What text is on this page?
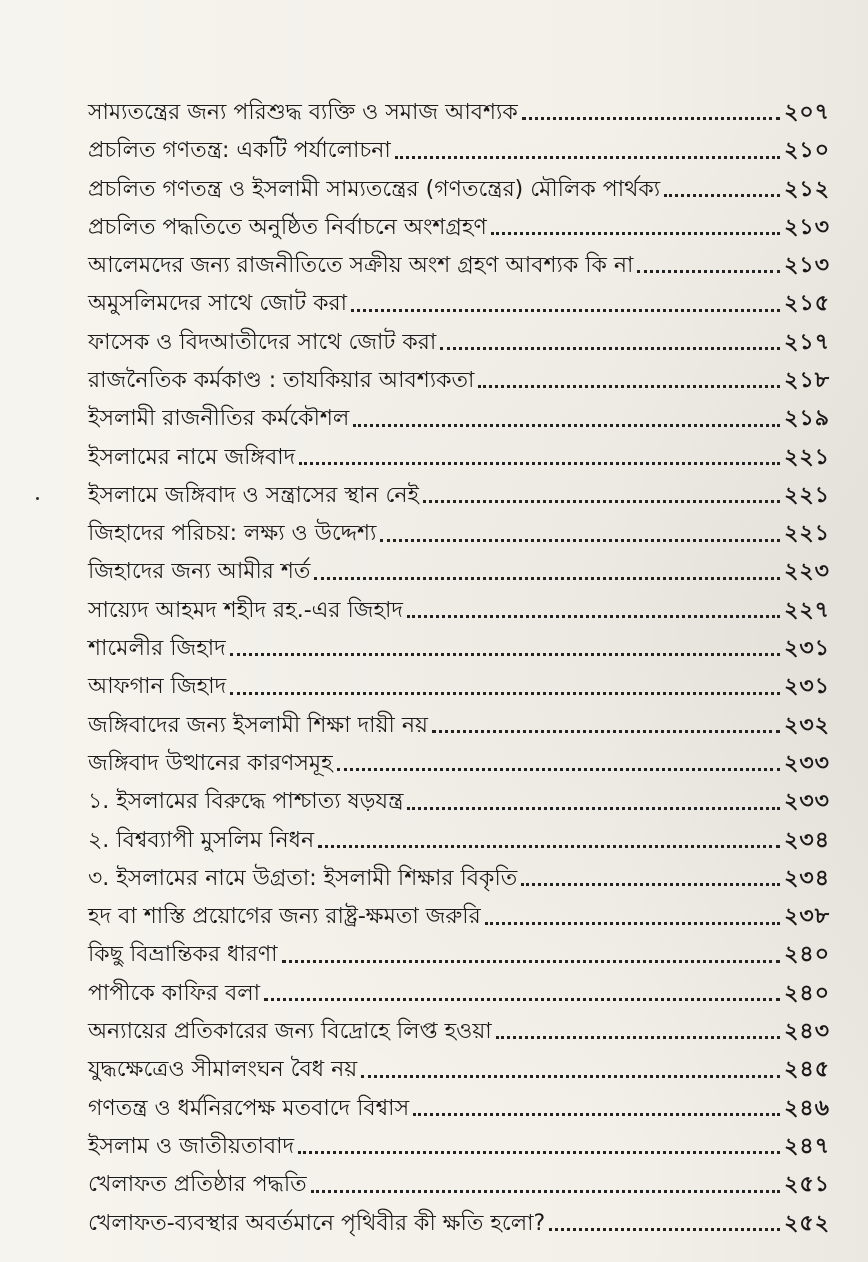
সাম্যতন্ত্রের জন্য পরিশুদ্ধ ব্যক্তি ও সমাজ আবশ্যক	২০৭
প্রচলিত গণতন্ত্র: একটি পর্যালোচনা	২১০
প্রচলিত গণতন্ত্র ও ইসলামী সাম্যতন্ত্রের (গণতন্ত্রের) মৌলিক পার্থক্য	২১২
প্রচলিত পদ্ধতিতে অনুষ্ঠিত নির্বাচনে অংশগ্রহণ	২১৩
আলেমদের জন্য রাজনীতিতে সক্রীয় অংশ গ্রহণ আবশ্যক কি না	২১৩
অমুসলিমদের সাথে জোট করা	২১৫
ফাসেক ও বিদআতীদের সাথে জোট করা	২১৭
রাজনৈতিক কর্মকাণ্ড : তাযকিয়ার আবশ্যকতা	২১৮
ইসলামী রাজনীতির কর্মকৌশল	২১৯
ইসলামের নামে জঙ্গিবাদ	২২১
ইসলামে জঙ্গিবাদ ও সন্ত্রাসের স্থান নেই	২২১
জিহাদের পরিচয়: লক্ষ্য ও উদ্দেশ্য	২২১
জিহাদের জন্য আমীর শর্ত	২২৩
সায়্যেদ আহমদ শহীদ রহ.-এর জিহাদ	২২৭
শামেলীর জিহাদ	২৩১
আফগান জিহাদ	২৩১
জঙ্গিবাদের জন্য ইসলামী শিক্ষা দায়ী নয়	২৩২
জঙ্গিবাদ উত্থানের কারণসমূহ	২৩৩
১. ইসলামের বিরুদ্ধে পাশ্চাত্য ষড়যন্ত্র	২৩৩
২. বিশ্বব্যাপী মুসলিম নিধন	২৩৪
৩. ইসলামের নামে উগ্রতা: ইসলামী শিক্ষার বিকৃতি	২৩৪
হদ বা শাস্তি প্রয়োগের জন্য রাষ্ট্র-ক্ষমতা জরুরি	২৩৮
কিছু বিভ্রান্তিকর ধারণা	২৪০
পাপীকে কাফির বলা	২৪০
অন্যায়ের প্রতিকারের জন্য বিদ্রোহে লিপ্ত হওয়া	২৪৩
যুদ্ধক্ষেত্রেও সীমালংঘন বৈধ নয়	২৪৫
গণতন্ত্র ও ধর্মনিরপেক্ষ মতবাদে বিশ্বাস	২৪৬
ইসলাম ও জাতীয়তাবাদ	২৪৭
খেলাফত প্রতিষ্ঠার পদ্ধতি	২৫১
খেলাফত-ব্যবস্থার অবর্তমানে পৃথিবীর কী ক্ষতি হলো?	২৫২
